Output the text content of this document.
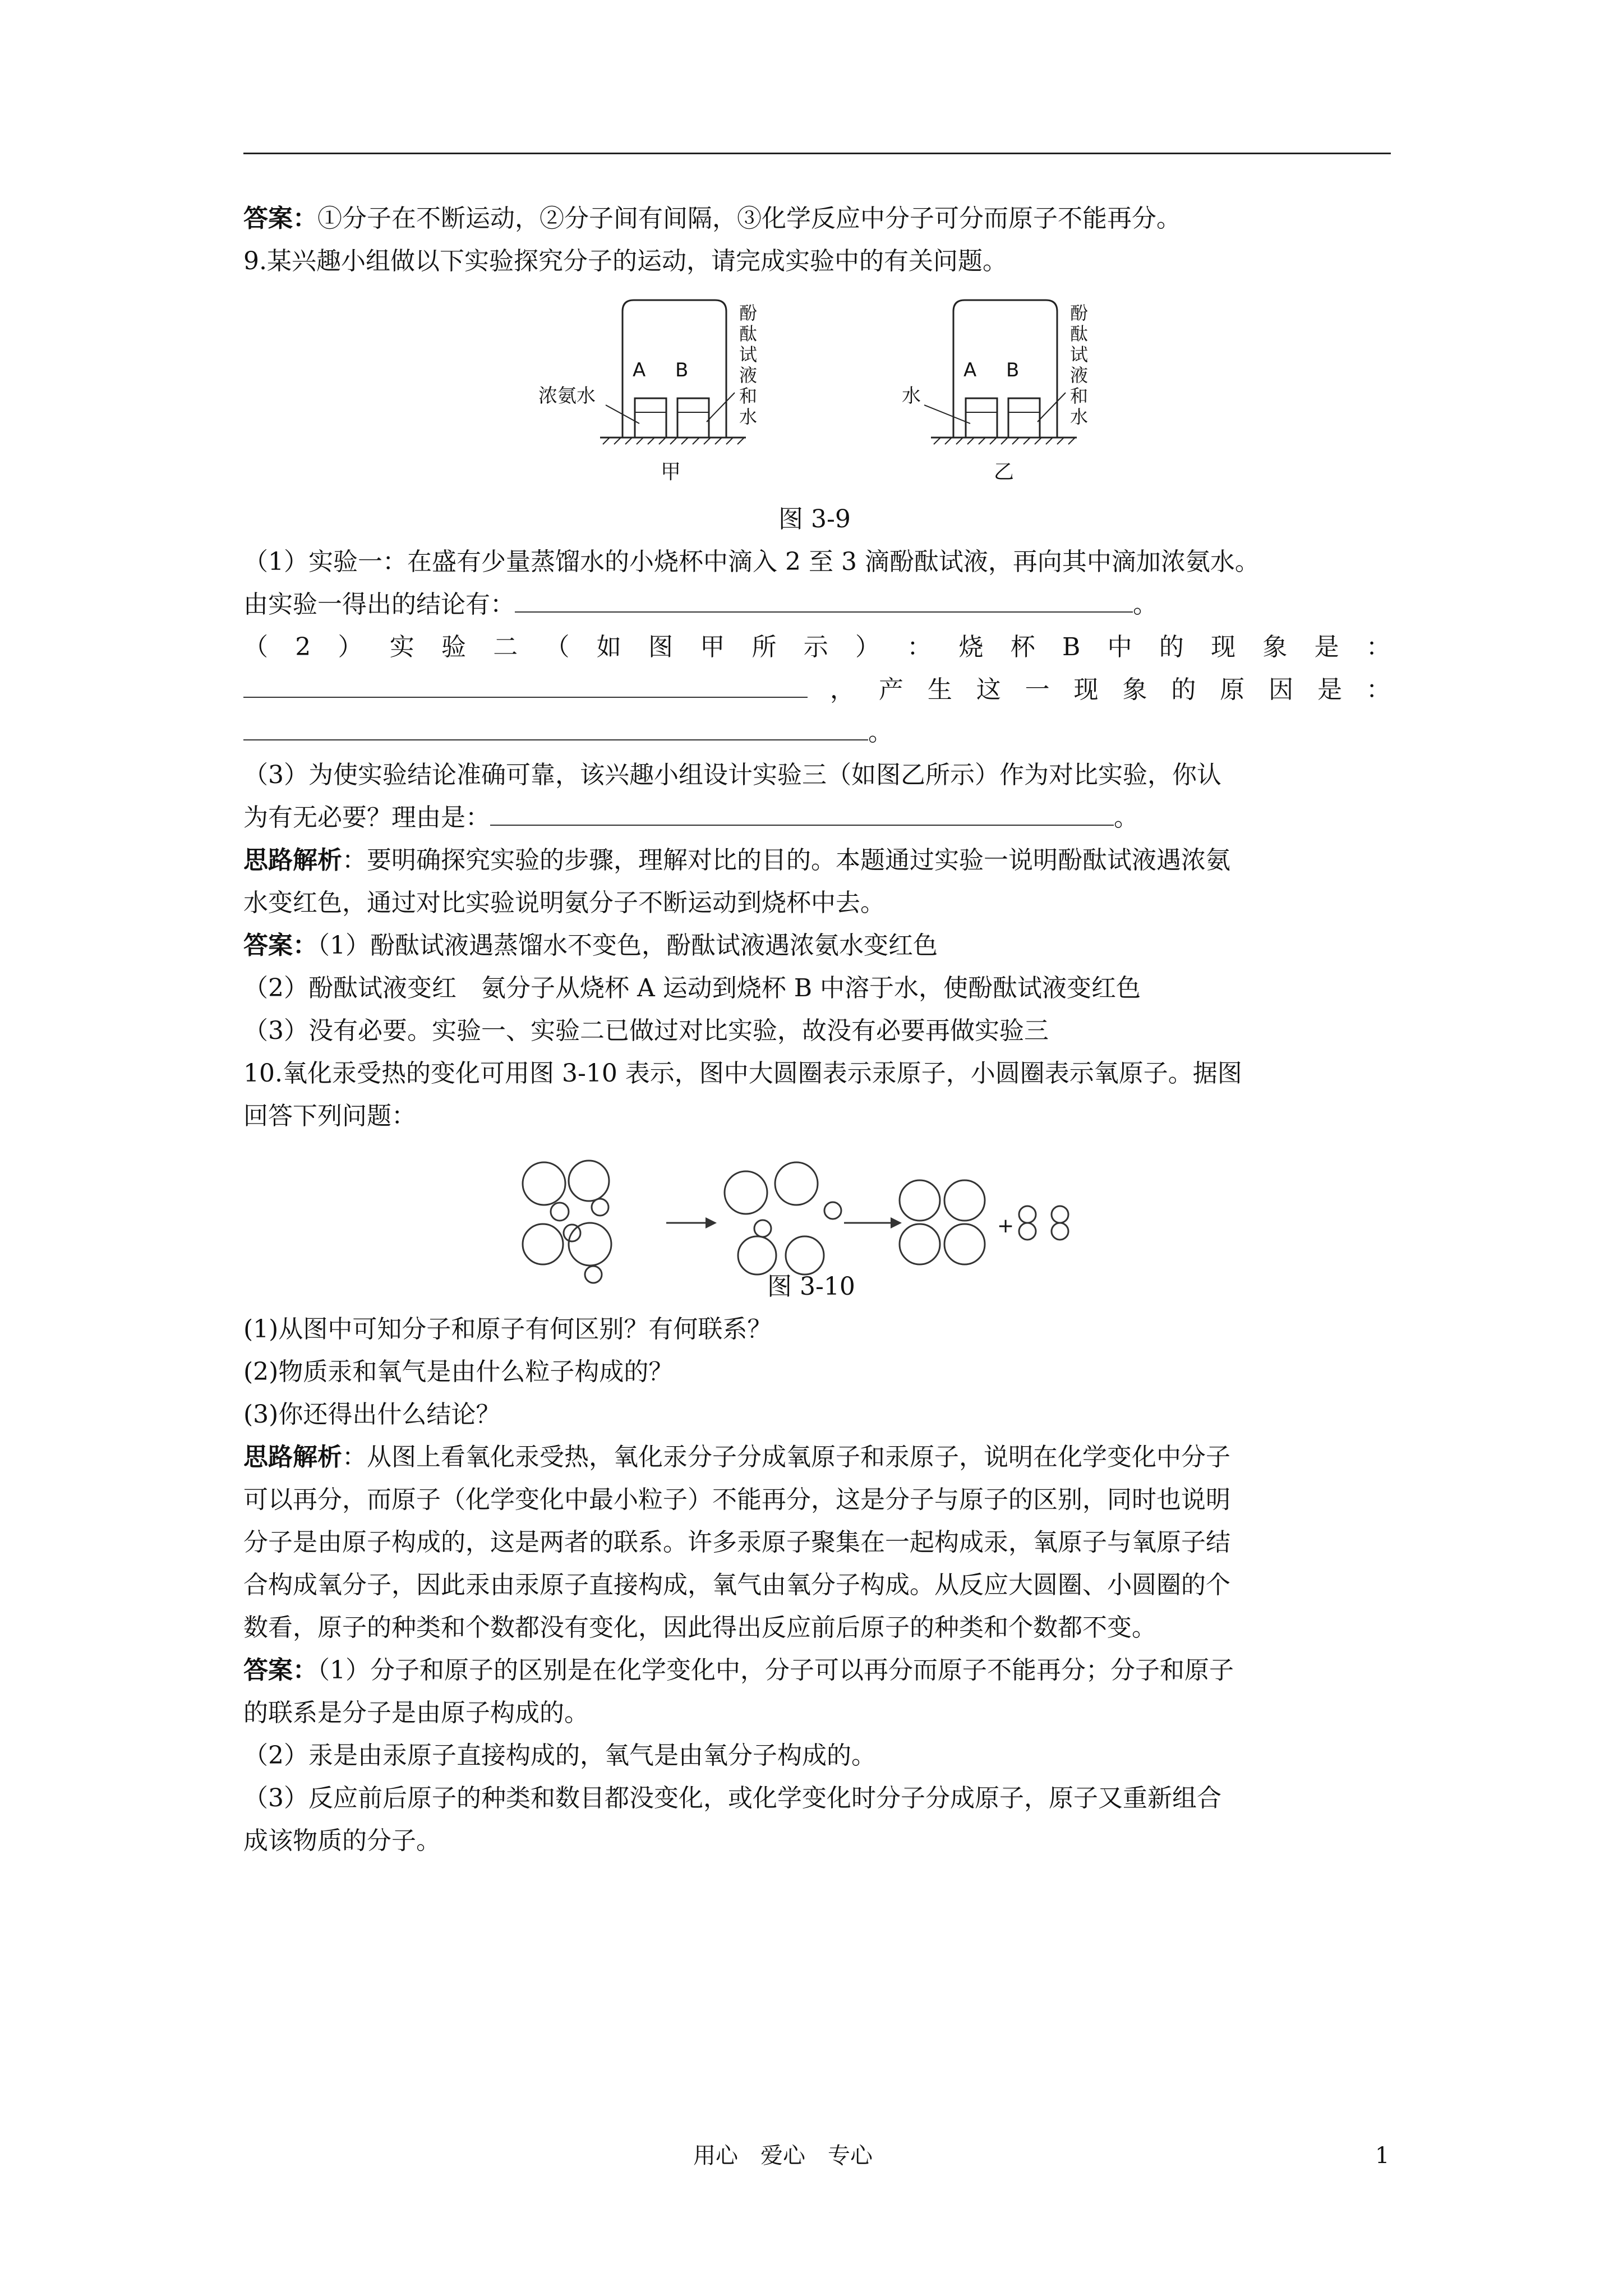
答案：①分子在不断运动，②分子间有间隔，③化学反应中分子可分而原子不能再分。
9.某兴趣小组做以下实验探究分子的运动，请完成实验中的有关问题。
A B
浓氨水
酚酞试液和水
甲
A B
水
酚酞试液和水
乙
图 3-9
（1）实验一：在盛有少量蒸馏水的小烧杯中滴入 2 至 3 滴酚酞试液，再向其中滴加浓氨水。
由实验一得出的结论有：	。
（ 2 ） 实 验 二 （ 如 图 甲 所 示 ） ： 烧 杯 B 中 的 现 象 是 ：
， 产 生 这 一 现 象 的 原 因 是 ：
。
（3）为使实验结论准确可靠，该兴趣小组设计实验三（如图乙所示）作为对比实验，你认
为有无必要？理由是：	。
思路解析：要明确探究实验的步骤，理解对比的目的。本题通过实验一说明酚酞试液遇浓氨
水变红色，通过对比实验说明氨分子不断运动到烧杯中去。
答案：（1）酚酞试液遇蒸馏水不变色，酚酞试液遇浓氨水变红色
（2）酚酞试液变红　氨分子从烧杯 A 运动到烧杯 B 中溶于水，使酚酞试液变红色
（3）没有必要。实验一、实验二已做过对比实验，故没有必要再做实验三
10.氧化汞受热的变化可用图 3-10 表示，图中大圆圈表示汞原子，小圆圈表示氧原子。据图
回答下列问题：
+
图 3-10
(1)从图中可知分子和原子有何区别？有何联系？
(2)物质汞和氧气是由什么粒子构成的？
(3)你还得出什么结论？
思路解析：从图上看氧化汞受热，氧化汞分子分成氧原子和汞原子，说明在化学变化中分子
可以再分，而原子（化学变化中最小粒子）不能再分，这是分子与原子的区别，同时也说明
分子是由原子构成的，这是两者的联系。许多汞原子聚集在一起构成汞，氧原子与氧原子结
合构成氧分子，因此汞由汞原子直接构成，氧气由氧分子构成。从反应大圆圈、小圆圈的个
数看，原子的种类和个数都没有变化，因此得出反应前后原子的种类和个数都不变。
答案：（1）分子和原子的区别是在化学变化中，分子可以再分而原子不能再分；分子和原子
的联系是分子是由原子构成的。
（2）汞是由汞原子直接构成的，氧气是由氧分子构成的。
（3）反应前后原子的种类和数目都没变化，或化学变化时分子分成原子，原子又重新组合
成该物质的分子。
用心　爱心　专心	1
